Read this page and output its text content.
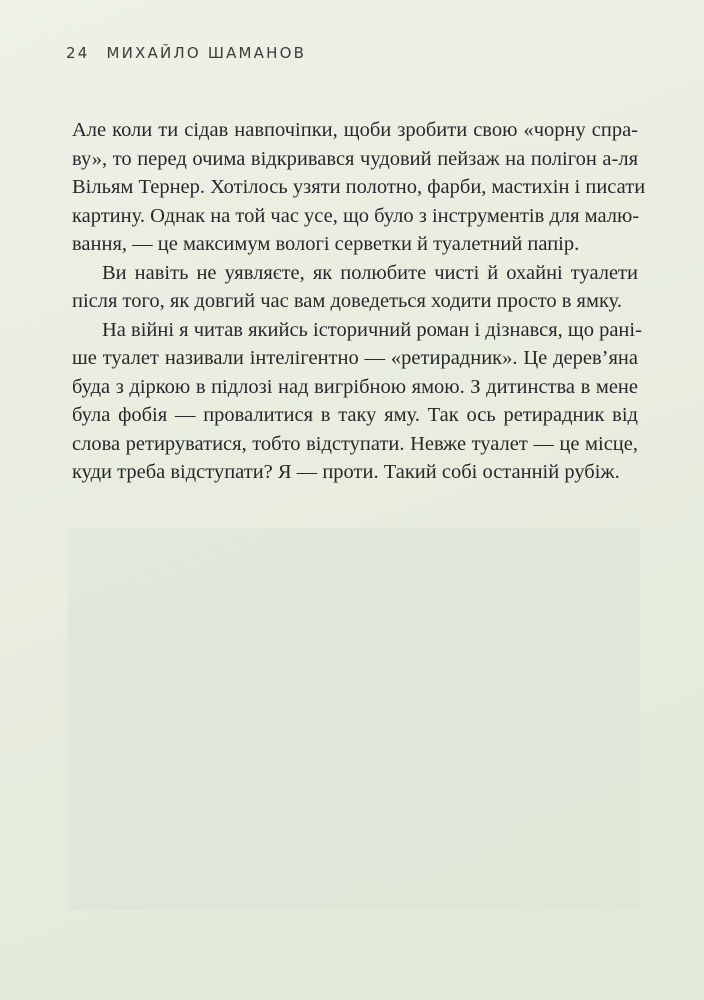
24 МИХАЙЛО ШАМАНОВ
Але коли ти сідав навпочіпки, щоби зробити свою «чорну спра-
ву», то перед очима відкривався чудовий пейзаж на полігон а-ля
Вільям Тернер. Хотілось узяти полотно, фарби, мастихін і писати
картину. Однак на той час усе, що було з інструментів для малю-
вання, — це максимум вологі серветки й туалетний папір.
Ви навіть не уявляєте, як полюбите чисті й охайні туалети
після того, як довгий час вам доведеться ходити просто в ямку.
На війні я читав якийсь історичний роман і дізнався, що рані-
ше туалет називали інтелігентно — «ретирадник». Це дерев’яна
буда з діркою в підлозі над вигрібною ямою. З дитинства в мене
була фобія — провалитися в таку яму. Так ось ретирадник від
слова ретируватися, тобто відступати. Невже туалет — це місце,
куди треба відступати? Я — проти. Такий собі останній рубіж.
